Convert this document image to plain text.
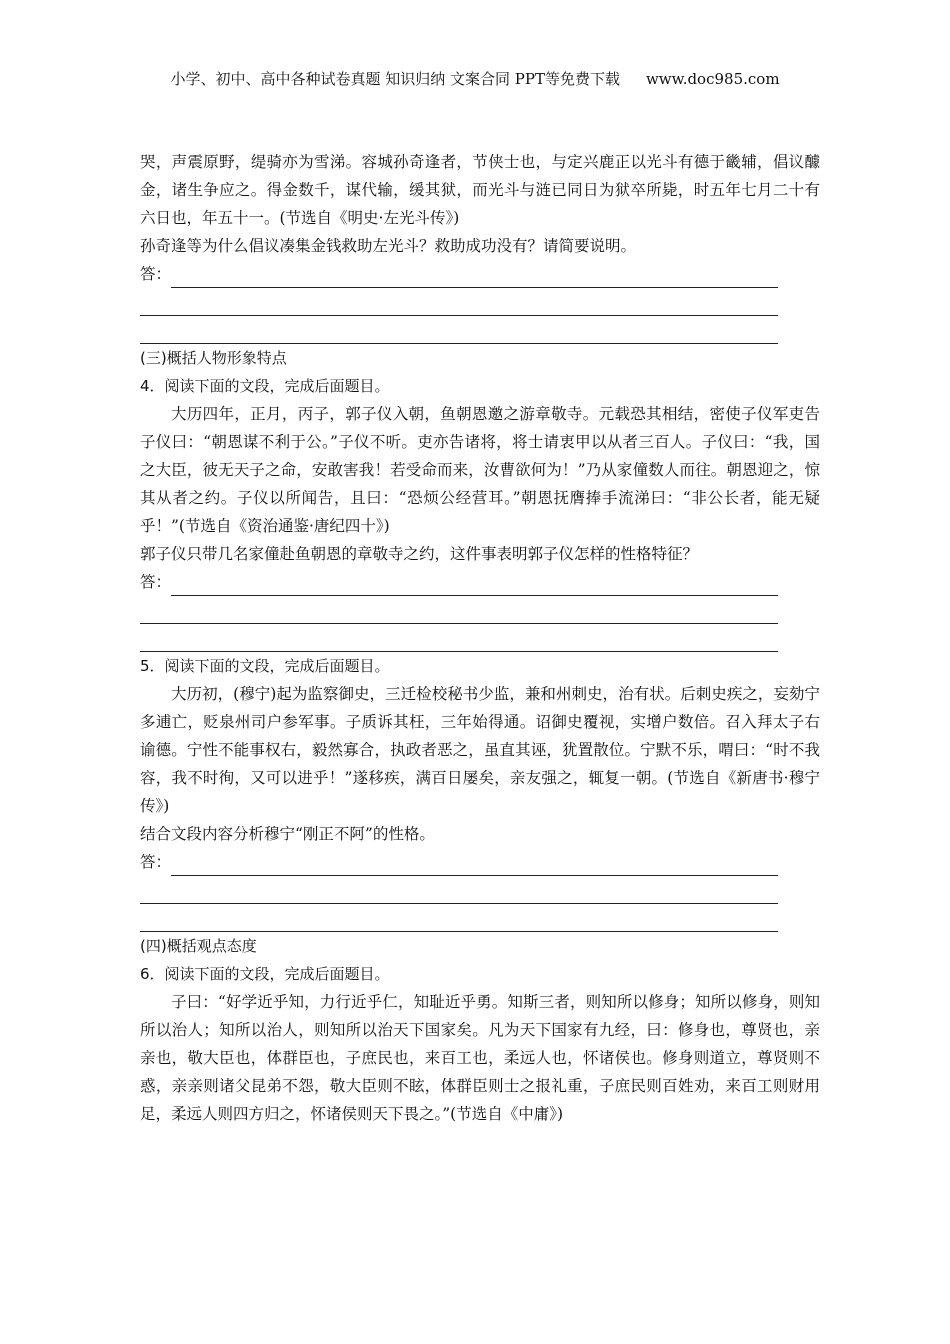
小学、初中、高中各种试卷真题 知识归纳 文案合同 PPT等免费下载 www.doc985.com

哭，声震原野，缇骑亦为雪涕。容城孙奇逢者，节侠士也，与定兴鹿正以光斗有德于畿辅，倡议醵金，诸生争应之。得金数千，谋代输，缓其狱，而光斗与涟已同日为狱卒所毙，时五年七月二十有六日也，年五十一。(节选自《明史·左光斗传》)

孙奇逢等为什么倡议凑集金钱救助左光斗？救助成功没有？请简要说明。

答：

(三)概括人物形象特点

4．阅读下面的文段，完成后面题目。

大历四年，正月，丙子，郭子仪入朝，鱼朝恩邀之游章敬寺。元载恐其相结，密使子仪军吏告子仪曰：“朝恩谋不利于公。”子仪不听。吏亦告诸将，将士请衷甲以从者三百人。子仪曰：“我，国之大臣，彼无天子之命，安敢害我！若受命而来，汝曹欲何为！”乃从家僮数人而往。朝恩迎之，惊其从者之约。子仪以所闻告，且曰：“恐烦公经营耳。”朝恩抚膺捧手流涕曰：“非公长者，能无疑乎！”(节选自《资治通鉴·唐纪四十》)

郭子仪只带几名家僮赴鱼朝恩的章敬寺之约，这件事表明郭子仪怎样的性格特征？

答：

5．阅读下面的文段，完成后面题目。

大历初，(穆宁)起为监察御史，三迁检校秘书少监，兼和州刺史，治有状。后刺史疾之，妄劾宁多逋亡，贬泉州司户参军事。子质诉其枉，三年始得通。诏御史覆视，实增户数倍。召入拜太子右谕德。宁性不能事权右，毅然寡合，执政者恶之，虽直其诬，犹置散位。宁默不乐，喟曰：“时不我容，我不时徇，又可以进乎！”遂移疾，满百日屡矣，亲友强之，辄复一朝。(节选自《新唐书·穆宁传》)

结合文段内容分析穆宁“刚正不阿”的性格。

答：

(四)概括观点态度

6．阅读下面的文段，完成后面题目。

子曰：“好学近乎知，力行近乎仁，知耻近乎勇。知斯三者，则知所以修身；知所以修身，则知所以治人；知所以治人，则知所以治天下国家矣。凡为天下国家有九经，曰：修身也，尊贤也，亲亲也，敬大臣也，体群臣也，子庶民也，来百工也，柔远人也，怀诸侯也。修身则道立，尊贤则不惑，亲亲则诸父昆弟不怨，敬大臣则不眩，体群臣则士之报礼重，子庶民则百姓劝，来百工则财用足，柔远人则四方归之，怀诸侯则天下畏之。”(节选自《中庸》)
